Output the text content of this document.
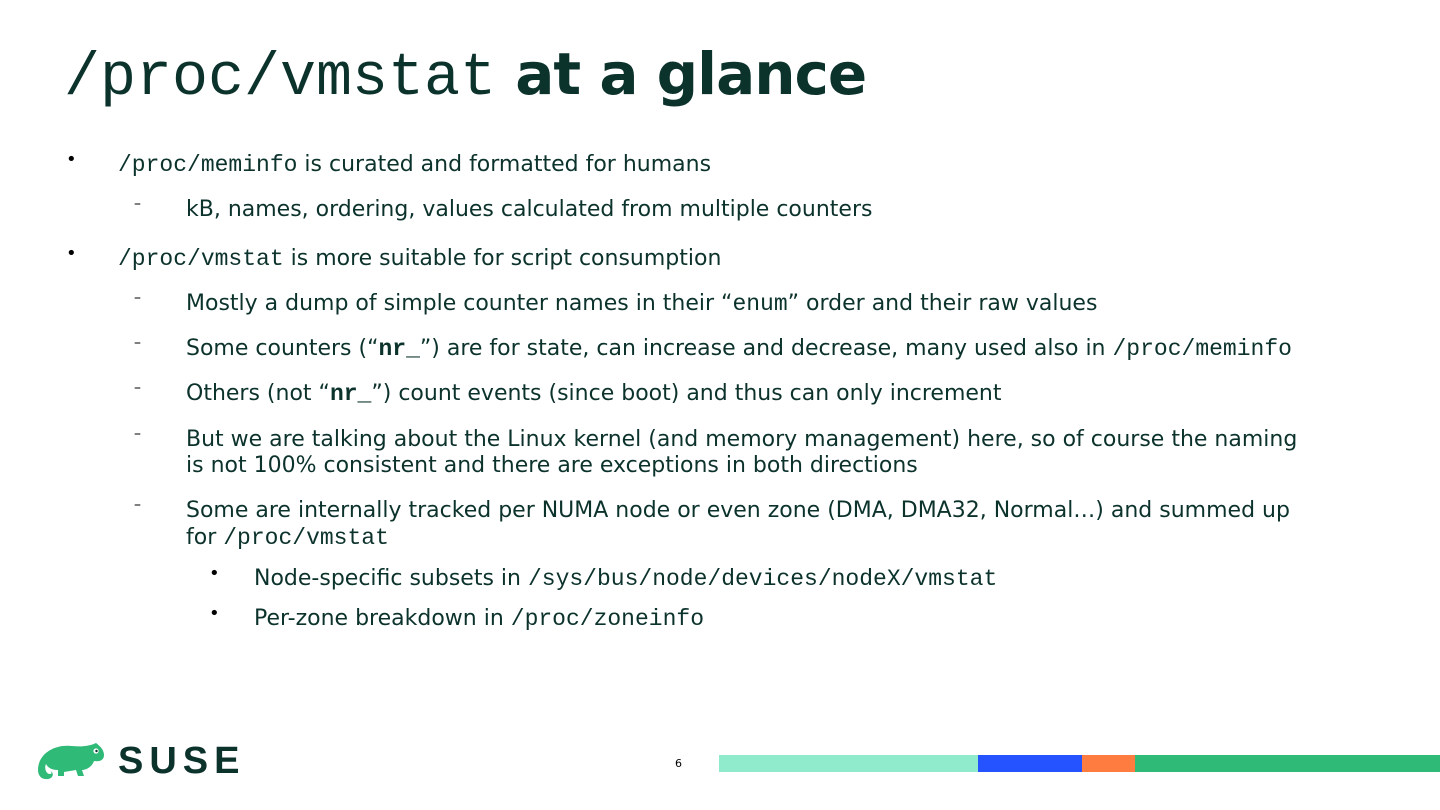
/proc/vmstat at a glance
• /proc/meminfo is curated and formatted for humans
– kB, names, ordering, values calculated from multiple counters
• /proc/vmstat is more suitable for script consumption
– Mostly a dump of simple counter names in their “enum” order and their raw values
– Some counters (“nr_”) are for state, can increase and decrease, many used also in /proc/meminfo
– Others (not “nr_”) count events (since boot) and thus can only increment
– But we are talking about the Linux kernel (and memory management) here, so of course the naming
is not 100% consistent and there are exceptions in both directions
– Some are internally tracked per NUMA node or even zone (DMA, DMA32, Normal…) and summed up
for /proc/vmstat
• Node-specific subsets in /sys/bus/node/devices/nodeX/vmstat
• Per-zone breakdown in /proc/zoneinfo
SUSE	6
